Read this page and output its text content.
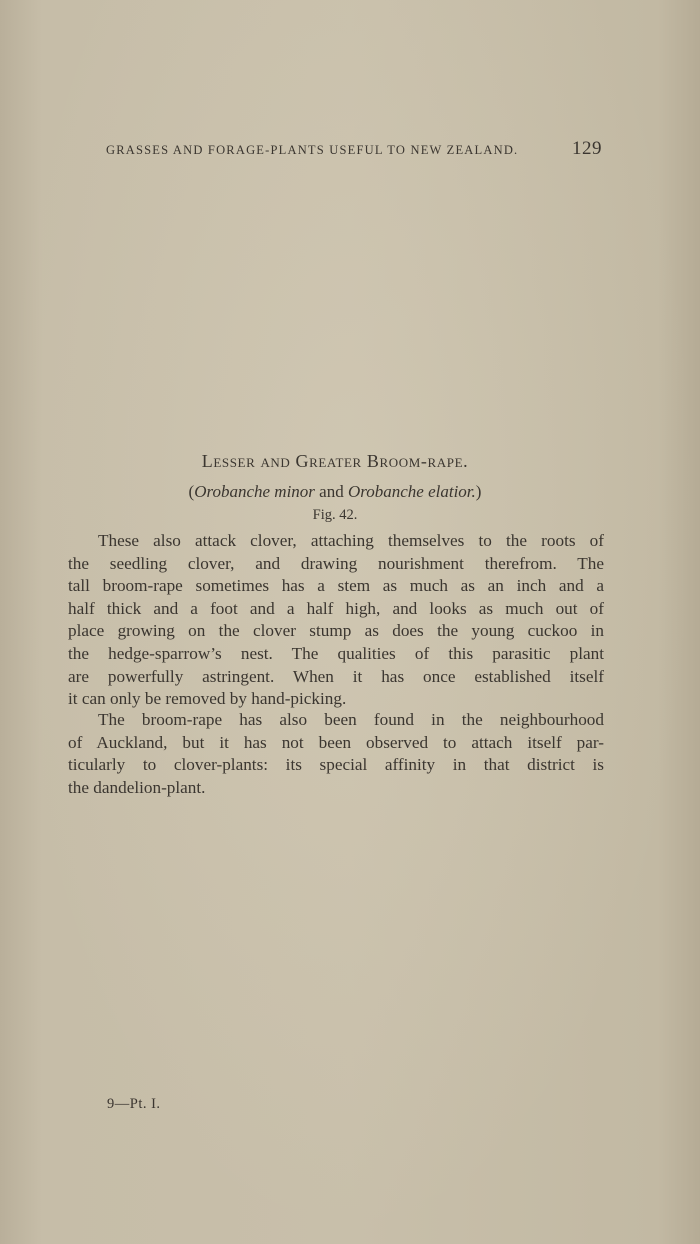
GRASSES AND FORAGE-PLANTS USEFUL TO NEW ZEALAND.	129
Lesser and Greater Broom-rape.
(Orobanche minor and Orobanche elatior.)
Fig. 42.
These also attack clover, attaching themselves to the roots of
the seedling clover, and drawing nourishment therefrom. The
tall broom-rape sometimes has a stem as much as an inch and a
half thick and a foot and a half high, and looks as much out of
place growing on the clover stump as does the young cuckoo in
the hedge-sparrow’s nest. The qualities of this parasitic plant
are powerfully astringent. When it has once established itself
it can only be removed by hand-picking.
The broom-rape has also been found in the neighbourhood
of Auckland, but it has not been observed to attach itself par-
ticularly to clover-plants: its special affinity in that district is
the dandelion-plant.
9—Pt. I.
